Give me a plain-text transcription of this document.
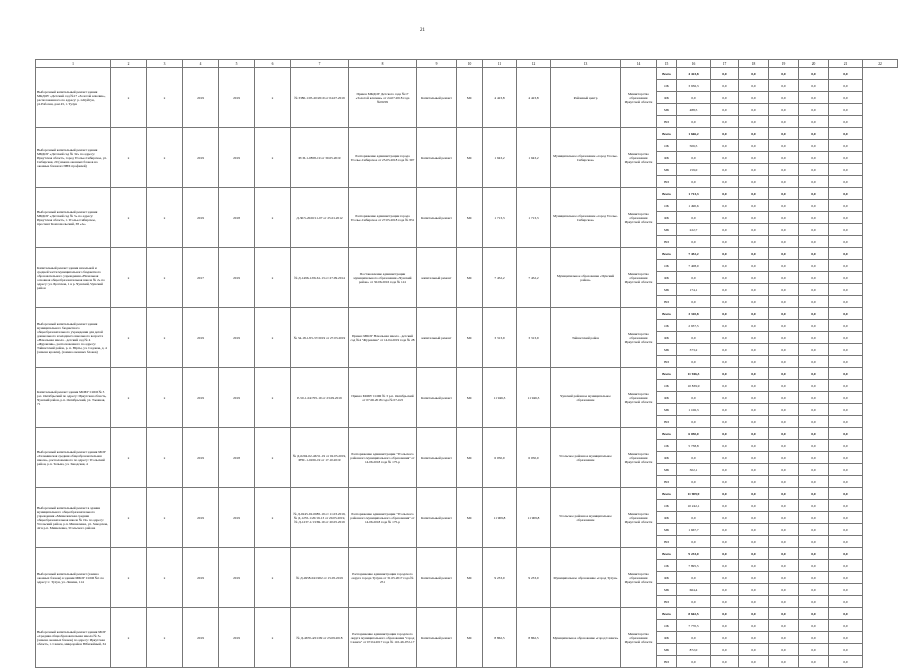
21
1	2	3	4	5	6	7	8	9	10	11	12	13	14	15	16	17	18	19	20	21	22
Выборочный капитальный ремонт здания МКДОУ «Детский сад №17 «Золотой ключик», расположенного по адресу: р. п.Куйтун, ул.Рабочая, дом 45, г. Тулун	х	х	2019	2019	х	№ 3380-1/05-20/2019 от 04.07.2019	Приказ МКДОУ Детского сада №17 «Золотой ключик» от 24.07.2018 года №00/09	Капитальный ремонт	МС	4 423,8	4 423,8	Районный центр	Министерство образования Иркутской области	Всего	4 423,8	0,0	0,0	0,0	0,0	0,0	
														ОБ	3 936,3	0,0	0,0	0,0	0,0	0,0	
														ФБ	0,0	0,0	0,0	0,0	0,0	0,0	
														МБ	488,5	0,0	0,0	0,0	0,0	0,0	
														ВИ	0,0	0,0	0,0	0,0	0,0	0,0	
Выборочный капитальный ремонт здания МБДОУ «Детский сад № 32» по адресу: Иркутская область, город Усолье-Сибирское, ул. Сибирская, 20 (замена оконных блоков на оконные блоки из ПВХ профилей)	х	х	2019	2019	х	РСП-1-0858-19 от 30.05.2019	Распоряжение администрации города Усолье-Сибирское от 25.05.2018 года № 397	Капитальный ремонт	МС	1 943,2	1 943,2	Муниципальное образование «город Усолье-Сибирское»	Министерство образования Иркутской области	Всего	1 666,2	0,0	0,0	0,0	0,0	0,0	
														ОБ	506,5	0,0	0,0	0,0	0,0	0,0	
														ФБ	0,0	0,0	0,0	0,0	0,0	0,0	
														МБ	159,0	0,0	0,0	0,0	0,0	0,0	
														ВИ	0,0	0,0	0,0	0,0	0,0	0,0	
Выборочный капитальный ремонт здания МБДОУ «Детский сад № 5» по адресу: Иркутская область, г. Усолье-Сибирское, проспект Комсомольский, 38 «А»	х	х	2019	2018	х	Д-30/5-2020/11-07 от 25.01.2012	Распоряжение администрации города Усолье-Сибирское от 27.05.2018 года № 831	Капитальный ремонт	МС	1 713,3	1 713,3	Муниципальное образование «город Усолье-Сибирское»	Министерство образования Иркутской области	Всего	1 713,3	0,0	0,0	0,0	0,0	0,0	
														ОБ	1 490,6	0,0	0,0	0,0	0,0	0,0	
														ФБ	0,0	0,0	0,0	0,0	0,0	0,0	
														МБ	222,7	0,0	0,0	0,0	0,0	0,0	
														ВИ	0,0	0,0	0,0	0,0	0,0	0,0	
Капитальный ремонт здания начальной и средней части муниципального бюджетного образовательного учреждения «Начальная основная общеобразовательная школа № 2» по адресу: ул. Братская, 1 в р. Чунский, Чунский район	х	х	2017	2019	х	№ Д-1496-1/06-61-13 от 27.09.2014	Постановление администрации муниципального образования «Чунский район» от 30.06.2016 года № 141	капитальный ремонт	МС	7 452,2	7 452,2	Муниципальное образование «Чунский район»	Министерство образования Иркутской области	Всего	7 452,2	0,0	0,0	0,0	0,0	0,0	
														ОБ	7 408,0	0,0	0,0	0,0	0,0	0,0	
														ФБ	0,0	0,0	0,0	0,0	0,0	0,0	
														МБ	174,1	0,0	0,0	0,0	0,0	0,0	
														ВИ	0,0	0,0	0,0	0,0	0,0	0,0	
Выборочный капитальный ремонт здания муниципального бюджетного общеобразовательного учреждения для детей дошкольного и младшего школьного возраста «Начальная школа - детский сад № 4 «Журавлик», расположенного по адресу: Тайшетский район, р. п. Юрты, ул. Садовая, д. 4 (замена кровли), (замена оконных блоков)	х	х	2019	2019	х	№ 34-18-1/05-37/2019 от 27.03.2019	Приказ МБОУ Начальная школа - детский сад №4 "Журавлик" от 14.04.2019 года № 28	капитальный ремонт	МС	3 313,9	3 313,9	Тайшетский район	Министерство образования Иркутской области	Всего	3 310,8	0,0	0,0	0,0	0,0	0,0	
														ОБ	2 937,5	0,0	0,0	0,0	0,0	0,0	
														ФБ	0,0	0,0	0,0	0,0	0,0	0,0	
														МБ	373,2	0,0	0,0	0,0	0,0	0,0	
														ВИ	0,0	0,0	0,0	0,0	0,0	0,0	
Капитальный ремонт здания МОБУ СОШ № 3 р.п. Октябрьский по адресу: Иркутская область, Чунский район, р.п. Октябрьский, ул. Таежная, 71	х	х	2019	2019	х	Р-50-1-04/705-19 от 23.09.2019	Приказ МОБУ СОШ № 3 р.п. Октябрьский от 07.06.2018 года № 07-ОЛ	Капитальный ремонт	МС	11 946,3	11 946,3	Чунский районное муниципальное образование	Министерство образования Иркутской области	Всего	11 946,3	0,0	0,0	0,0	0,0	0,0	
														ОБ	10 839,9	0,0	0,0	0,0	0,0	0,0	
														ФБ	0,0	0,0	0,0	0,0	0,0	0,0	
														МБ	1 106,3	0,0	0,0	0,0	0,0	0,0	
														ВИ	0,0	0,0	0,0	0,0	0,0	0,0	
Выборочный капитальный ремонт здания МОУ «Тельминская средняя общеобразовательная школа», расположенного по адресу: Усольский район, р.п. Тельма, ул. Заводская, 4	х	х	2019	2018	х	№ Д-0204-02-46/51-19 от 02.05.2019, РНС-1-0456-19 от 17.10.2019	Распоряжение администрации "Усольского районного муниципального образования" от 14.06.2018 года № 175-р	Капитальный ремонт	МС	6 050,0	6 050,0	Усольское районное муниципальное образование	Министерство образования Иркутской области	Всего	6 050,0	0,0	0,0	0,0	0,0	0,0	
														ОБ	5 738,8	0,0	0,0	0,0	0,0	0,0	
														ФБ	0,0	0,0	0,0	0,0	0,0	0,0	
														МБ	302,1	0,0	0,0	0,0	0,0	0,0	
														ВИ	0,0	0,0	0,0	0,0	0,0	0,0	
Выборочный капитальный ремонт в здании муниципального общеобразовательного учреждения «Мишелевская средняя общеобразовательная школа № 19» по адресу: Усольский район, р.п. Мишелевка, ул. Заводская, 42 в р.п. Мишелевка, Усольского района	х	х	2019	2019	х	№ Д-0245-02-0685-19 от 11.03.2019, № Д-1235-1/20/19-13 от 20.05.2019, № Д-1237-1/13/69-19 от 20.05.2019	Распоряжение администрации "Усольского районного муниципального образования" от 14.06.2018 года № 175-р	Капитальный ремонт	МС	11 909,8	11 909,8	Усольское районное муниципальное образование	Министерство образования Иркутской области	Всего	11 909,9	0,0	0,0	0,0	0,0	0,0	
														ОБ	10 242,1	0,0	0,0	0,0	0,0	0,0	
														ФБ	0,0	0,0	0,0	0,0	0,0	0,0	
														МБ	1 667,7	0,0	0,0	0,0	0,0	0,0	
														ВИ	0,0	0,0	0,0	0,0	0,0	0,0	
Выборочный капитальный ремонт (замена оконных блоков) в здании МБОУ СОШ №1 по адресу: г. Тулун, ул. Ленина, 114	х	х	2019	2019	х	№ Д-4958-04/1902 от 15.05.2019	Распоряжение администрации городского округа города Тулуна от 31.05.2017 года № 251	Капитальный ремонт	МС	9 233,0	9 233,0	Муниципальное образование «город Тулун»	Министерство образования Иркутской области	Всего	9 233,0	0,0	0,0	0,0	0,0	0,0	
														ОБ	7 895,5	0,0	0,0	0,0	0,0	0,0	
														ФБ	0,0	0,0	0,0	0,0	0,0	0,0	
														МБ	664,4	0,0	0,0	0,0	0,0	0,0	
														ВИ	0,0	0,0	0,0	0,0	0,0	0,0	
Выборочный капитальный ремонт здания МОУ «Средняя общеобразовательная школа № 3» (замена оконных блоков) по адресу: Иркутская область, г. Саянск, микрорайон Юбилейный, 34	х	х	2019	2019	х	№ Д-4670-4/01/09 от 23.09.2018	Распоряжение администрации городского округа муниципального образования "город Саянск" от 07.04.2017 года № 110-46-072-17	Капитальный ремонт	МС	8 862,5	8 862,5	Муниципальное образование «город Саянск»	Министерство образования Иркутской области	Всего	8 662,5	0,0	0,0	0,0	0,0	0,0	
														ОБ	7 770,5	0,0	0,0	0,0	0,0	0,0	
														ФБ	0,0	0,0	0,0	0,0	0,0	0,0	
														МБ	872,0	0,0	0,0	0,0	0,0	0,0	
														ВИ	0,0	0,0	0,0	0,0	0,0	0,0	
